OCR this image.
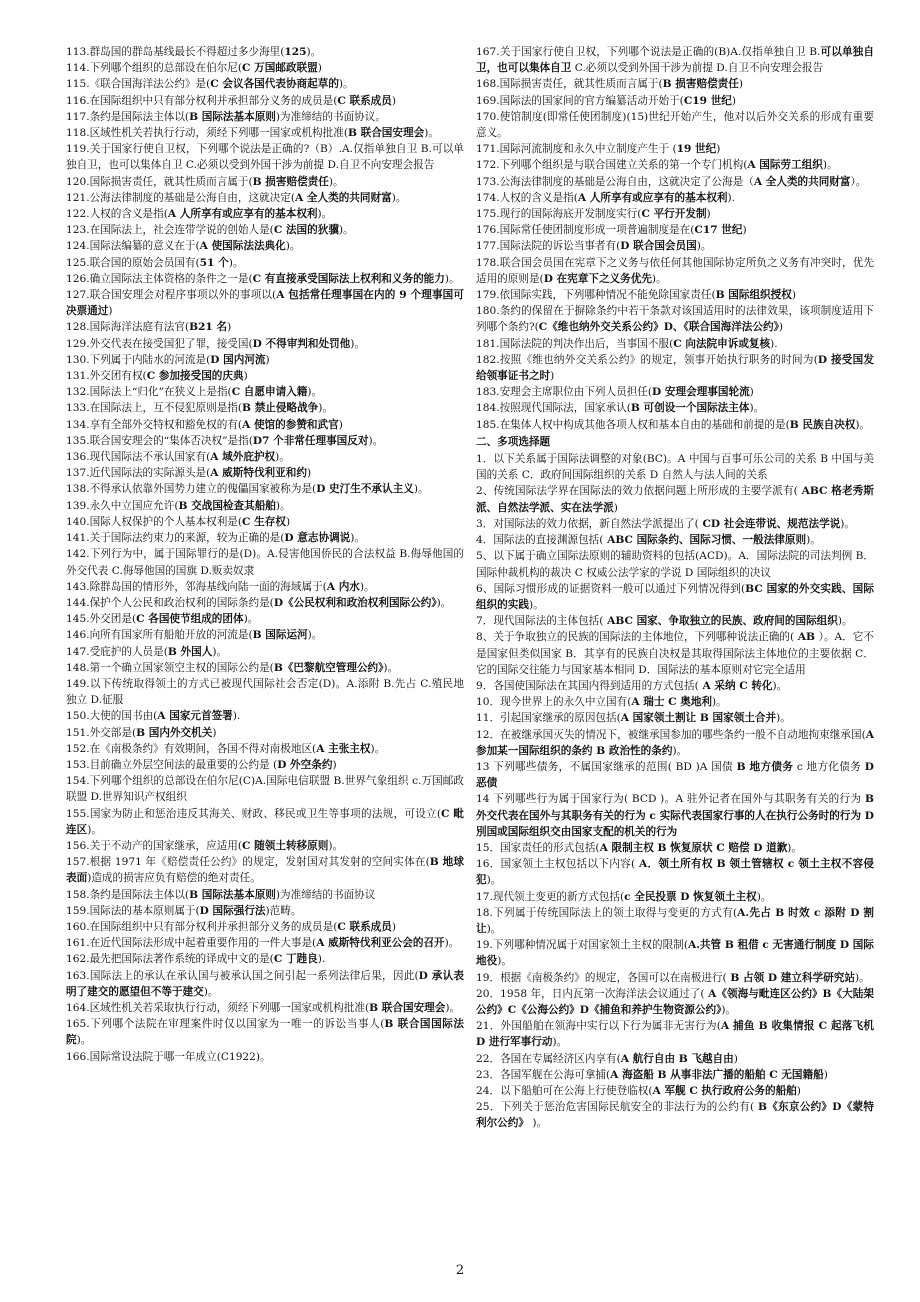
113.群岛国的群岛基线最长不得超过多少海里(125)。

114.下列哪个组织的总部设在伯尔尼(C 万国邮政联盟)

115.《联合国海洋法公约》是(C 会议各国代表协商起草的)。

116.在国际组织中只有部分权利并承担部分义务的成员是(C 联系成员)

117.条约是国际法主体以(B 国际法基本原则)为准缔结的书面协议。

118.区域性机关若执行行动，须经下列哪一国家或机构批准(B 联合国安理会)。

119.关于国家行使自卫权，下列哪个说法是正确的?（B）.A.仅指单独自卫 B.可以单独自卫，也可以集体自卫 C.必须以受到外国干涉为前提 D.自卫不向安理会报告

120.国际损害责任，就其性质而言属于(B 损害赔偿责任)。

121.公海法律制度的基础是公海自由，这就决定(A 全人类的共同财富)。

122.人权的含义是指(A 人所享有或应享有的基本权利)。

123.在国际法上，社会连带学说的创始人是(C 法国的狄骥)。

124.国际法编纂的意义在于(A 使国际法法典化)。

125.联合国的原始会员国有(51 个)。

126.确立国际法主体资格的条件之一是(C 有直接承受国际法上权利和义务的能力)。

127.联合国安理会对程序事项以外的事项以(A 包括常任理事国在内的 9 个理事国可决票通过)

128.国际海洋法庭有法官(B21 名)

129.外交代表在接受国犯了罪，接受国(D 不得审判和处罚他)。

130.下列属于内陆水的河流是(D 国内河流)

131.外交团有权(C 参加接受国的庆典)

132.国际法上“归化”在狭义上是指(C 自愿申请入籍)。

133.在国际法上，互不侵犯原则是指(B 禁止侵略战争)。

134.享有全部外交特权和豁免权的有(A 使馆的参赞和武官)

135.联合国安理会的“集体否决权”是指(D7 个非常任理事国反对)。

136.现代国际法不承认国家有(A 域外庇护权)。

137.近代国际法的实际源头是(A 威斯特伐利亚和约)

138.不得承认依靠外国势力建立的傀儡国家被称为是(D 史汀生不承认主义)。

139.永久中立国应允许(B 交战国检查其船舶)。

140.国际人权保护的个人基本权利是(C 生存权)

141.关于国际法约束力的来源，较为正确的是(D 意志协调说)。

142.下列行为中，属于国际罪行的是(D)。A.侵害他国侨民的合法权益 B.侮辱他国的外交代表 C.侮辱他国的国旗 D.贩卖奴隶

143.除群岛国的情形外，邻海基线向陆一面的海域属于(A 内水)。

144.保护个人公民和政治权利的国际条约是(D《公民权利和政治权利国际公约》)。

145.外交团是(C 各国使节组成的团体)。

146.向所有国家所有船舶开放的河流是(B 国际运河)。

147.受庇护的人员是(B 外国人)。

148.第一个确立国家领空主权的国际公约是(B《巴黎航空管理公约》)。

149.以下传统取得领土的方式已被现代国际社会否定(D)。A.添附 B.先占 C.殖民地独立 D.征服

150.大使的国书由(A 国家元首签署).

151.外交部是(B 国内外交机关)

152.在《南极条约》有效期间，各国不得对南极地区(A 主张主权)。

153.目前确立外层空间法的最重要的公约是 (D 外空条约)

154.下列哪个组织的总部设在伯尔尼(C)A.国际电信联盟 B.世界气象组织 c.万国邮政联盟 D.世界知识产权组织

155.国家为防止和惩治违反其海关、财政、移民或卫生等事项的法规，可设立(C 毗连区)。

156.关于不动产的国家继承，应适用(C 随领土转移原则)。

157.根据 1971 年《赔偿责任公约》的规定，发射国对其发射的空间实体在(B 地球表面)造成的损害应负有赔偿的绝对责任。

158.条约是国际法主体以(B 国际法基本原则)为准缔结的书面协议

159.国际法的基本原则属于(D 国际强行法)范畴。

160.在国际组织中只有部分权利并承担部分义务的成员是(C 联系成员)

161.在近代国际法形成中起着重要作用的一件大事是(A 威斯特伐利亚公会的召开)。

162.最先把国际法著作系统的译成中文的是(C 丁韪良).

163.国际法上的承认在承认国与被承认国之间引起一系列法律后果，因此(D 承认表明了建交的愿望但不等于建交)。

164.区域性机关若采取执行行动，须经下列哪一国家或机构批准(B 联合国安理会)。

165.下列哪个法院在审理案件时仅以国家为一唯一的诉讼当事人(B 联合国国际法院)。

166.国际常设法院于哪一年成立(C1922)。

167.关于国家行使自卫权，下列哪个说法是正确的(B)A.仅指单独自卫 B.可以单独自卫，也可以集体自卫 C.必须以受到外国干涉为前提 D.自卫不向安理会报告

168.国际损害责任，就其性质而言属于(B 损害赔偿责任)

169.国际法的国家间的官方编纂活动开始于(C19 世纪)

170.使馆制度(即常任使团制度)(15)世纪开始产生，他对以后外交关系的形成有重要意义。

171.国际河流制度和永久中立制度产生于 (19 世纪)

172.下列哪个组织是与联合国建立关系的第一个专门机构(A 国际劳工组织)。

173.公海法律制度的基础是公海自由，这就决定了公海是（A 全人类的共同财富）。

174.人权的含义是指(A 人所享有或应享有的基本权利).

175.现行的国际海底开发制度实行(C 平行开发制)

176.国际常任使团制度形成一项普遍制度是在(C17 世纪)

177.国际法院的诉讼当事者有(D 联合国会员国)。

178.联合国会员国在宪章下之义务与依任何其他国际协定所负之义务有冲突时，优先适用的原则是(D 在宪章下之义务优先)。

179.依国际实践，下列哪种情况不能免除国家责任(B 国际组织授权)

180.条约的保留在于摒除条约中若干条款对该国适用时的法律效果，该项制度适用下列哪个条约?(C《维也纳外交关系公约》D、《联合国海洋法公约》)

181.国际法院的判决作出后，当事国不服(C 向法院申诉或复核).

182.按照《维也纳外交关系公约》的规定，领事开始执行职务的时间为(D 接受国发给领事证书之时)

183.安理会主席职位由下列人员担任(D 安理会理事国轮流)

184.按照现代国际法，国家承认(B 可创设一个国际法主体)。

185.在集体人权中构成其他各项人权和基本自由的基础和前提的是(B 民族自决权)。

二、多项选择题

1．以下关系属于国际法调整的对象(BC)。A 中国与百事可乐公司的关系 B 中国与美国的关系 C．政府间国际组织的关系 D 自然人与法人间的关系

2、传统国际法学界在国际法的效力依据问题上所形成的主要学派有( ABC 格老秀斯派、自然法学派、实在法学派)

3．对国际法的效力依据，新自然法学派提出了( CD 社会连带说、规范法学说)。

4．国际法的直接渊源包括( ABC 国际条约、国际习惯、一般法律原则)。

5、以下属于确立国际法原则的辅助资料的包括(ACD)。A．国际法院的司法判例 B．国际仲裁机构的裁决 C 权威公法学家的学说 D 国际组织的决议

6、国际习惯形成的证据资料一般可以通过下列情况得到(BC 国家的外交实践、国际组织的实践)。

7．现代国际法的主体包括( ABC 国家、争取独立的民族、政府间的国际组织)。

8、关于争取独立的民族的国际法的主体地位，下列哪种说法正确的( AB ）。A．它不是国家但类似国家 B．其享有的民族自决权是其取得国际法主体地位的主要依据 C．它的国际交往能力与国家基本相同 D．国际法的基本原则对它完全适用

9．各国使国际法在其国内得到适用的方式包括( A 采纳 C 转化)。

10．现今世界上的永久中立国有(A 瑞士 C 奥地利)。

11．引起国家继承的原因包括(A 国家领土割让 B 国家领土合并)。

12．在被继承国灭失的情况下，被继承国参加的哪些条约一般不自动地拘束继承国(A 参加某一国际组织的条约 B 政治性的条约)。

13 下列哪些债务，不属国家继承的范围( BD )A 国债 B 地方债务 c 地方化债务 D 恶债

14 下列哪些行为属于国家行为( BCD )。A 驻外记者在国外与其职务有关的行为 B 外交代表在国外与其职务有关的行为 c 实际代表国家行事的人在执行公务时的行为 D 別国或国际组织交由国家支配的机关的行为

15．国家责任的形式包括(A 限制主权 B 恢复原状 C 赔偿 D 道歉)。

16．国家领土主权包括以下内容( A．领土所有权 B 领土管辖权 c 领土主权不容侵犯)。

17.现代领土变更的新方式包括(c 全民投票 D 恢复领土主权)。

18.下列属于传统国际法上的领土取得与变更的方式有(A.先占 B 时效 c 添附 D 割让)。

19.下列哪种情况属于对国家领土主权的限制(A.共管 B 租借 c 无害通行制度 D 国际地役)。

19．根据《南极条约》的规定，各国可以在南极进行( B 占领 D 建立科学研究站)。

20．1958 年，日内瓦第一次海洋法会议通过了( A《领海与毗连区公约》B《大陆架公约》C《公海公约》D《捕鱼和养护生物资源公约》)。

21．外国船舶在领海中实行以下行为属非无害行为(A 捕鱼 B 收集情报 C 起落飞机 D 进行军事行动)。

22．各国在专属经济区内享有(A 航行自由 B 飞越自由)

23．各国军舰在公海可拿捕(A 海盗船 B 从事非法广播的船舶 C 无国籍船)

24．以下船舶可在公海上行使登临权(A 军舰 C 执行政府公务的船舶)

25．下列关于惩治危害国际民航安全的非法行为的公约有( B《东京公约》D《蒙特利尔公约》 )。

2
